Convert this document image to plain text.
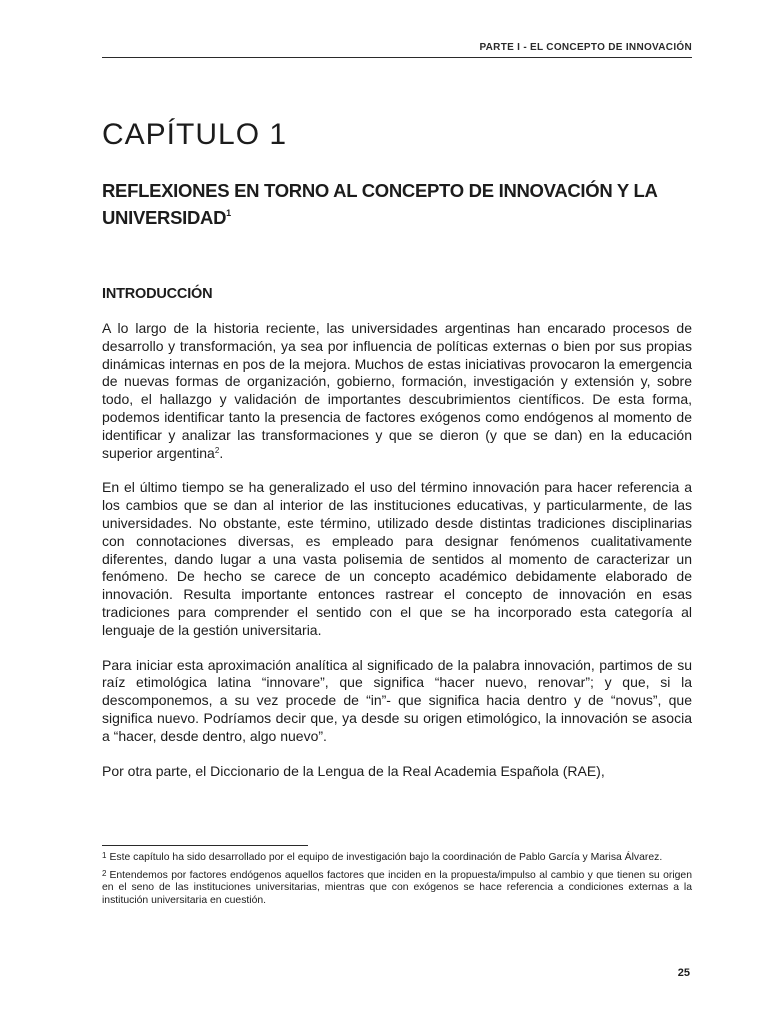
PARTE I - EL CONCEPTO DE INNOVACIÓN
CAPÍTULO 1
REFLEXIONES EN TORNO AL CONCEPTO DE INNOVACIÓN Y LA UNIVERSIDAD$^1$
INTRODUCCIÓN

A lo largo de la historia reciente, las universidades argentinas han encarado procesos de desarrollo y transformación, ya sea por influencia de políticas externas o bien por sus propias dinámicas internas en pos de la mejora. Muchos de estas iniciativas provocaron la emergencia de nuevas formas de organización, gobierno, formación, investigación y extensión y, sobre todo, el hallazgo y validación de importantes descubrimientos científicos. De esta forma, podemos identificar tanto la presencia de factores exógenos como endógenos al momento de identificar y analizar las transformaciones y que se dieron (y que se dan) en la educación superior argentina$^2$.

En el último tiempo se ha generalizado el uso del término innovación para hacer referencia a los cambios que se dan al interior de las instituciones educativas, y particularmente, de las universidades. No obstante, este término, utilizado desde distintas tradiciones disciplinarias con connotaciones diversas, es empleado para designar fenómenos cualitativamente diferentes, dando lugar a una vasta polisemia de sentidos al momento de caracterizar un fenómeno. De hecho se carece de un concepto académico debidamente elaborado de innovación. Resulta importante entonces rastrear el concepto de innovación en esas tradiciones para comprender el sentido con el que se ha incorporado esta categoría al lenguaje de la gestión universitaria.

Para iniciar esta aproximación analítica al significado de la palabra innovación, partimos de su raíz etimológica latina “innovare”, que significa “hacer nuevo, renovar”; y que, si la descomponemos, a su vez procede de “in”- que significa hacia dentro y de “novus”, que significa nuevo. Podríamos decir que, ya desde su origen etimológico, la innovación se asocia a “hacer, desde dentro, algo nuevo”.

Por otra parte, el Diccionario de la Lengua de la Real Academia Española (RAE),

1 Este capítulo ha sido desarrollado por el equipo de investigación bajo la coordinación de Pablo García y Marisa Álvarez.

2 Entendemos por factores endógenos aquellos factores que inciden en la propuesta/impulso al cambio y que tienen su origen en el seno de las instituciones universitarias, mientras que con exógenos se hace referencia a condiciones externas a la institución universitaria en cuestión.

25
